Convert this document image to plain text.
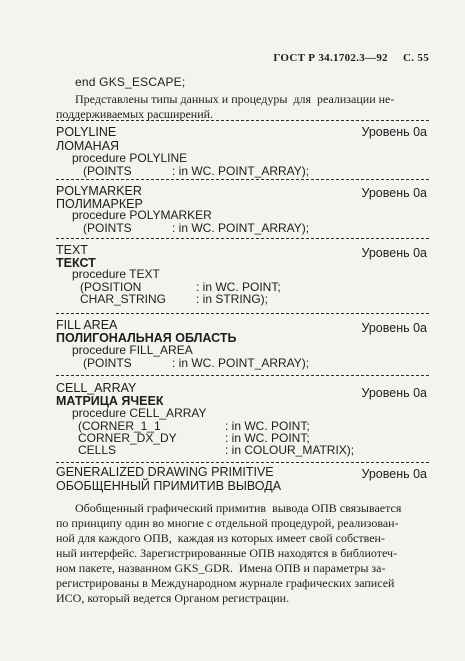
ГОСТ Р 34.1702.3—92 С. 55
end GKS_ESCAPE;
Представлены типы данных и процедуры  для  реализации не-
поддерживаемых расширений.
POLYLINE	Уровень 0а
ЛОМАНАЯ
procedure POLYLINE
(POINTS	: in WC. POINT_ARRAY);
POLYMARKER	Уровень 0а
ПОЛИМАРКЕР
procedure POLYMARKER
(POINTS	: in WC. POINT_ARRAY);
TEXT	Уровень 0а
ТЕКСТ
procedure TEXT
(POSITION	: in WC. POINT;
CHAR_STRING : in STRING);
FILL AREA	Уровень 0а
ПОЛИГОНАЛЬНАЯ ОБЛАСТЬ
procedure FILL_AREA
(POINTS	: in WC. POINT_ARRAY);
CELL_ARRAY	Уровень 0а
МАТРИЦА ЯЧЕЕК
procedure CELL_ARRAY
(CORNER_1_1	: in WC. POINT;
CORNER_DX_DY	: in WC. POINT;
CELLS	: in COLOUR_MATRIX);
GENERALIZED DRAWING PRIMITIVE	Уровень 0а
ОБОБЩЕННЫЙ ПРИМИТИВ ВЫВОДА
Обобщенный графический примитив  вывода ОПВ связывается
по принципу один во многие с отдельной процедурой, реализован-
ной для каждого ОПВ,  каждая из которых имеет свой собствен-
ный интерфейс. Зарегистрированные ОПВ находятся в библиотеч-
ном пакете, названном GKS_GDR.  Имена ОПВ и параметры за-
регистрированы в Международном журнале графических записей
ИСО, который ведется Органом регистрации.
